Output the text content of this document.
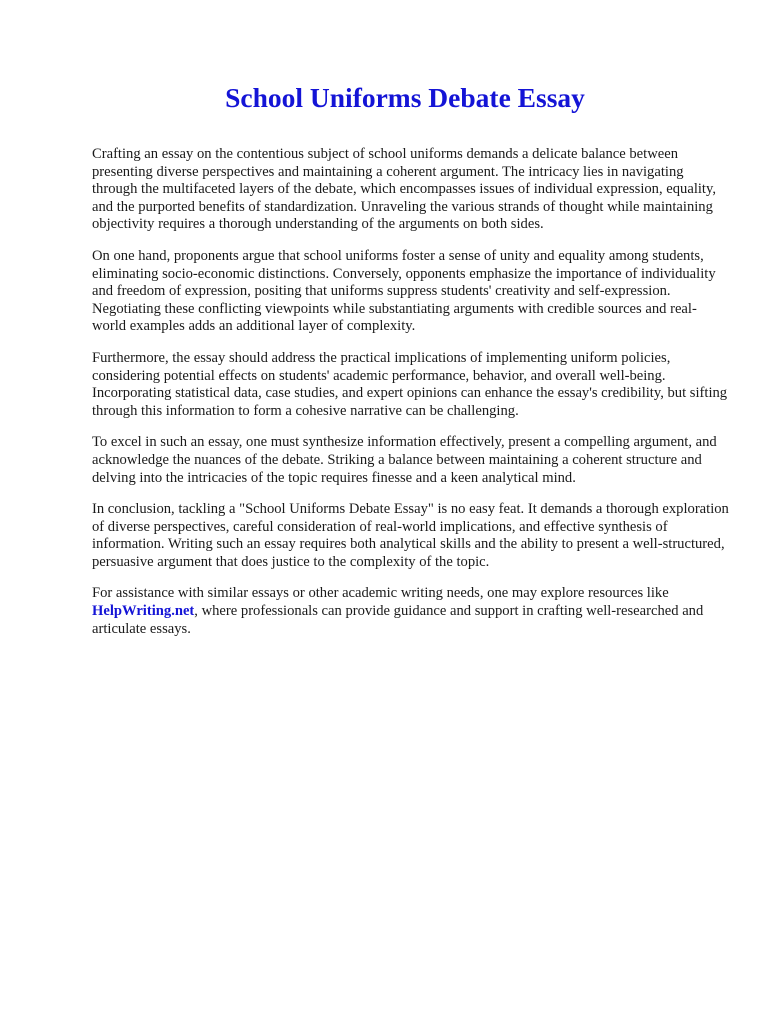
School Uniforms Debate Essay

Crafting an essay on the contentious subject of school uniforms demands a delicate balance between presenting diverse perspectives and maintaining a coherent argument. The intricacy lies in navigating through the multifaceted layers of the debate, which encompasses issues of individual expression, equality, and the purported benefits of standardization. Unraveling the various strands of thought while maintaining objectivity requires a thorough understanding of the arguments on both sides.

On one hand, proponents argue that school uniforms foster a sense of unity and equality among students, eliminating socio-economic distinctions. Conversely, opponents emphasize the importance of individuality and freedom of expression, positing that uniforms suppress students' creativity and self-expression. Negotiating these conflicting viewpoints while substantiating arguments with credible sources and real-world examples adds an additional layer of complexity.

Furthermore, the essay should address the practical implications of implementing uniform policies, considering potential effects on students' academic performance, behavior, and overall well-being. Incorporating statistical data, case studies, and expert opinions can enhance the essay's credibility, but sifting through this information to form a cohesive narrative can be challenging.

To excel in such an essay, one must synthesize information effectively, present a compelling argument, and acknowledge the nuances of the debate. Striking a balance between maintaining a coherent structure and delving into the intricacies of the topic requires finesse and a keen analytical mind.

In conclusion, tackling a "School Uniforms Debate Essay" is no easy feat. It demands a thorough exploration of diverse perspectives, careful consideration of real-world implications, and effective synthesis of information. Writing such an essay requires both analytical skills and the ability to present a well-structured, persuasive argument that does justice to the complexity of the topic.

For assistance with similar essays or other academic writing needs, one may explore resources like HelpWriting.net, where professionals can provide guidance and support in crafting well-researched and articulate essays.
